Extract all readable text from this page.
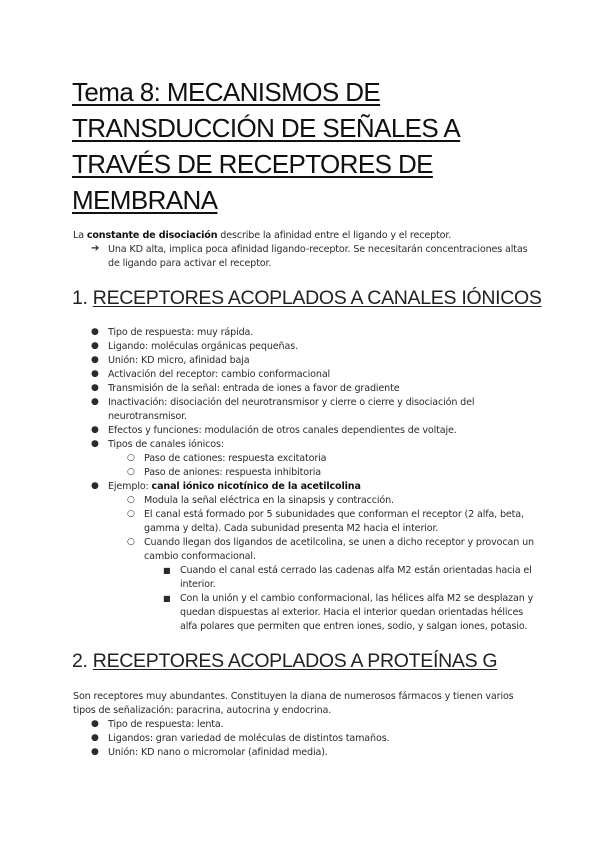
Tema 8: MECANISMOS DE
TRANSDUCCIÓN DE SEÑALES A
TRAVÉS DE RECEPTORES DE
MEMBRANA
La constante de disociación describe la afinidad entre el ligando y el receptor.
➔ Una KD alta, implica poca afinidad ligando-receptor. Se necesitarán concentraciones altas
de ligando para activar el receptor.
1. RECEPTORES ACOPLADOS A CANALES IÓNICOS
● Tipo de respuesta: muy rápida.
● Ligando: moléculas orgánicas pequeñas.
● Unión: KD micro, afinidad baja
● Activación del receptor: cambio conformacional
● Transmisión de la señal: entrada de iones a favor de gradiente
● Inactivación: disociación del neurotransmisor y cierre o cierre y disociación del
neurotransmisor.
● Efectos y funciones: modulación de otros canales dependientes de voltaje.
● Tipos de canales iónicos:
○ Paso de cationes: respuesta excitatoria
○ Paso de aniones: respuesta inhibitoria
● Ejemplo: canal iónico nicotínico de la acetilcolina
○ Modula la señal eléctrica en la sinapsis y contracción.
○ El canal está formado por 5 subunidades que conforman el receptor (2 alfa, beta,
gamma y delta). Cada subunidad presenta M2 hacia el interior.
○ Cuando llegan dos ligandos de acetilcolina, se unen a dicho receptor y provocan un
cambio conformacional.
■ Cuando el canal está cerrado las cadenas alfa M2 están orientadas hacia el
interior.
■ Con la unión y el cambio conformacional, las hélices alfa M2 se desplazan y
quedan dispuestas al exterior. Hacia el interior quedan orientadas hélices
alfa polares que permiten que entren iones, sodio, y salgan iones, potasio.
2. RECEPTORES ACOPLADOS A PROTEÍNAS G
Son receptores muy abundantes. Constituyen la diana de numerosos fármacos y tienen varios
tipos de señalización: paracrina, autocrina y endocrina.
● Tipo de respuesta: lenta.
● Ligandos: gran variedad de moléculas de distintos tamaños.
● Unión: KD nano o micromolar (afinidad media).
